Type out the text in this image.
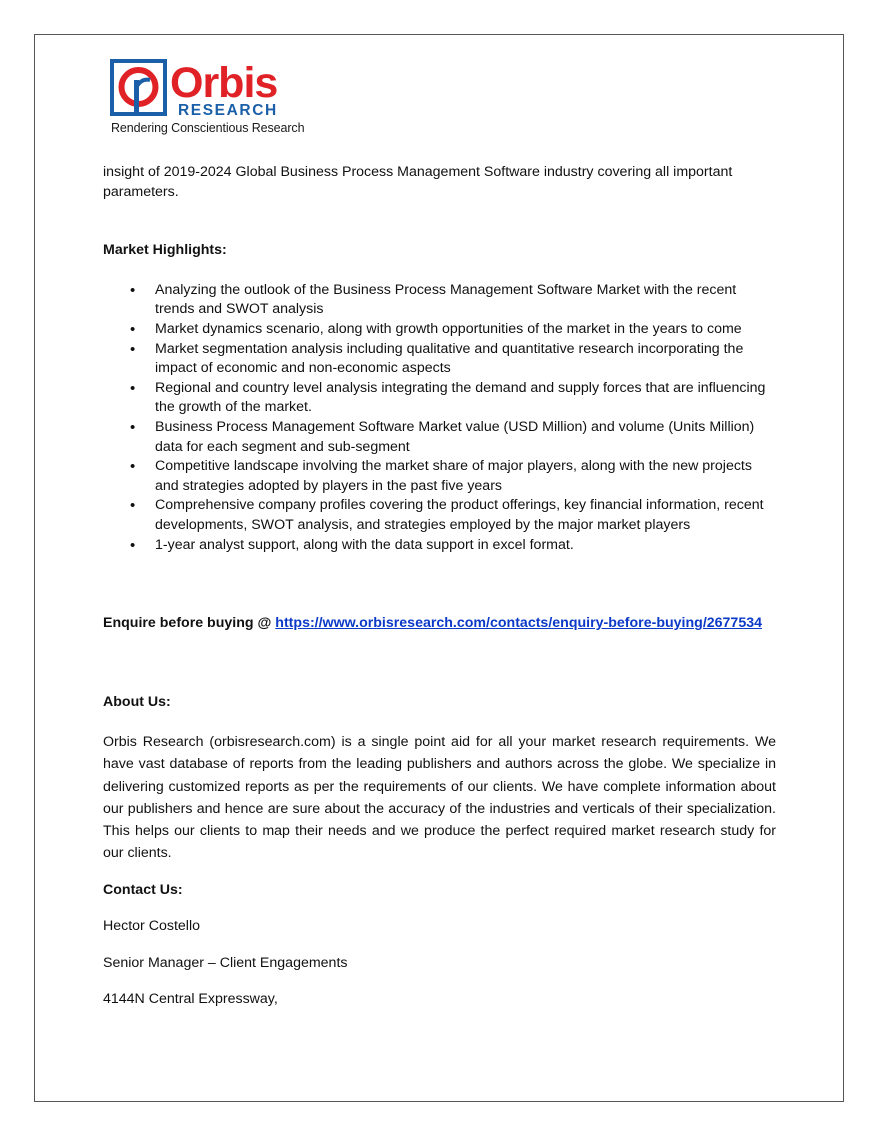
Orbis
RESEARCH
Rendering Conscientious Research

insight of 2019-2024 Global Business Process Management Software industry covering all important parameters.

Market Highlights:

• Analyzing the outlook of the Business Process Management Software Market with the recent trends and SWOT analysis
• Market dynamics scenario, along with growth opportunities of the market in the years to come
• Market segmentation analysis including qualitative and quantitative research incorporating the impact of economic and non-economic aspects
• Regional and country level analysis integrating the demand and supply forces that are influencing the growth of the market.
• Business Process Management Software Market value (USD Million) and volume (Units Million) data for each segment and sub-segment
• Competitive landscape involving the market share of major players, along with the new projects and strategies adopted by players in the past five years
• Comprehensive company profiles covering the product offerings, key financial information, recent developments, SWOT analysis, and strategies employed by the major market players
• 1-year analyst support, along with the data support in excel format.

Enquire before buying @ https://www.orbisresearch.com/contacts/enquiry-before-buying/2677534

About Us:

Orbis Research (orbisresearch.com) is a single point aid for all your market research requirements. We have vast database of reports from the leading publishers and authors across the globe. We specialize in delivering customized reports as per the requirements of our clients. We have complete information about our publishers and hence are sure about the accuracy of the industries and verticals of their specialization. This helps our clients to map their needs and we produce the perfect required market research study for our clients.

Contact Us:

Hector Costello

Senior Manager – Client Engagements

4144N Central Expressway,
